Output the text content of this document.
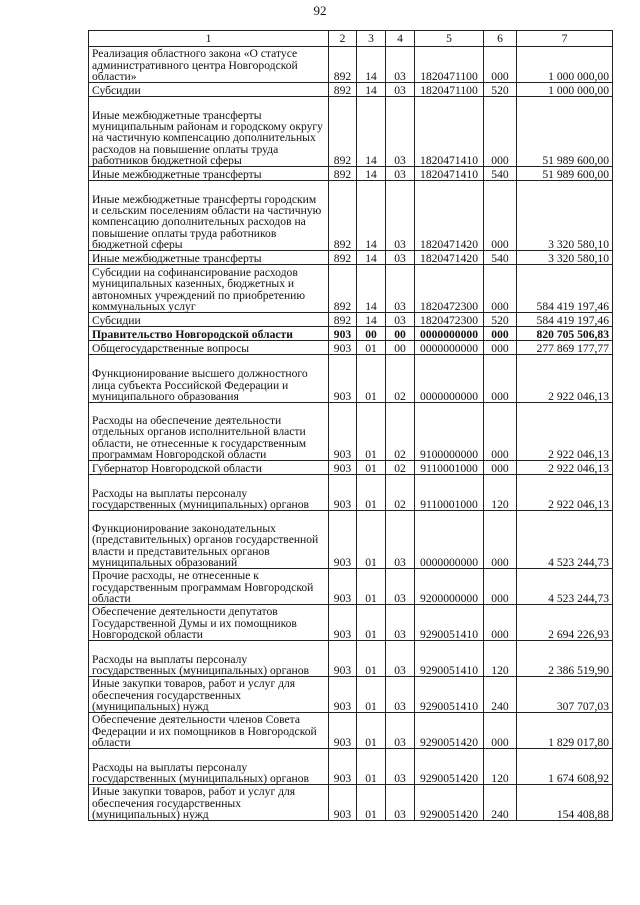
92
1	2	3	4	5	6	7
Реализация областного закона «О статусе административного центра Новгородской области»	892	14	03	1820471100	000	1 000 000,00
Субсидии	892	14	03	1820471100	520	1 000 000,00
Иные межбюджетные трансферты муниципальным районам и городскому округу на частичную компенсацию дополнительных расходов на повышение оплаты труда работников бюджетной сферы	892	14	03	1820471410	000	51 989 600,00
Иные межбюджетные трансферты	892	14	03	1820471410	540	51 989 600,00
Иные межбюджетные трансферты городским и сельским поселениям области на частичную компенсацию дополнительных расходов на повышение оплаты труда работников бюджетной сферы	892	14	03	1820471420	000	3 320 580,10
Иные межбюджетные трансферты	892	14	03	1820471420	540	3 320 580,10
Субсидии на софинансирование расходов муниципальных казенных, бюджетных и автономных учреждений по приобретению коммунальных услуг	892	14	03	1820472300	000	584 419 197,46
Субсидии	892	14	03	1820472300	520	584 419 197,46
Правительство Новгородской области	903	00	00	0000000000	000	820 705 506,83
Общегосударственные вопросы	903	01	00	0000000000	000	277 869 177,77
Функционирование высшего должностного лица субъекта Российской Федерации и муниципального образования	903	01	02	0000000000	000	2 922 046,13
Расходы на обеспечение деятельности отдельных органов исполнительной власти области, не отнесенные к государственным программам Новгородской области	903	01	02	9100000000	000	2 922 046,13
Губернатор Новгородской области	903	01	02	9110001000	000	2 922 046,13
Расходы на выплаты персоналу государственных (муниципальных) органов	903	01	02	9110001000	120	2 922 046,13
Функционирование законодательных (представительных) органов государственной власти и представительных органов муниципальных образований	903	01	03	0000000000	000	4 523 244,73
Прочие расходы, не отнесенные к государственным программам Новгородской области	903	01	03	9200000000	000	4 523 244,73
Обеспечение деятельности депутатов Государственной Думы и их помощников Новгородской области	903	01	03	9290051410	000	2 694 226,93
Расходы на выплаты персоналу государственных (муниципальных) органов	903	01	03	9290051410	120	2 386 519,90
Иные закупки товаров, работ и услуг для обеспечения государственных (муниципальных) нужд	903	01	03	9290051410	240	307 707,03
Обеспечение деятельности членов Совета Федерации и их помощников в Новгородской области	903	01	03	9290051420	000	1 829 017,80
Расходы на выплаты персоналу государственных (муниципальных) органов	903	01	03	9290051420	120	1 674 608,92
Иные закупки товаров, работ и услуг для обеспечения государственных (муниципальных) нужд	903	01	03	9290051420	240	154 408,88
